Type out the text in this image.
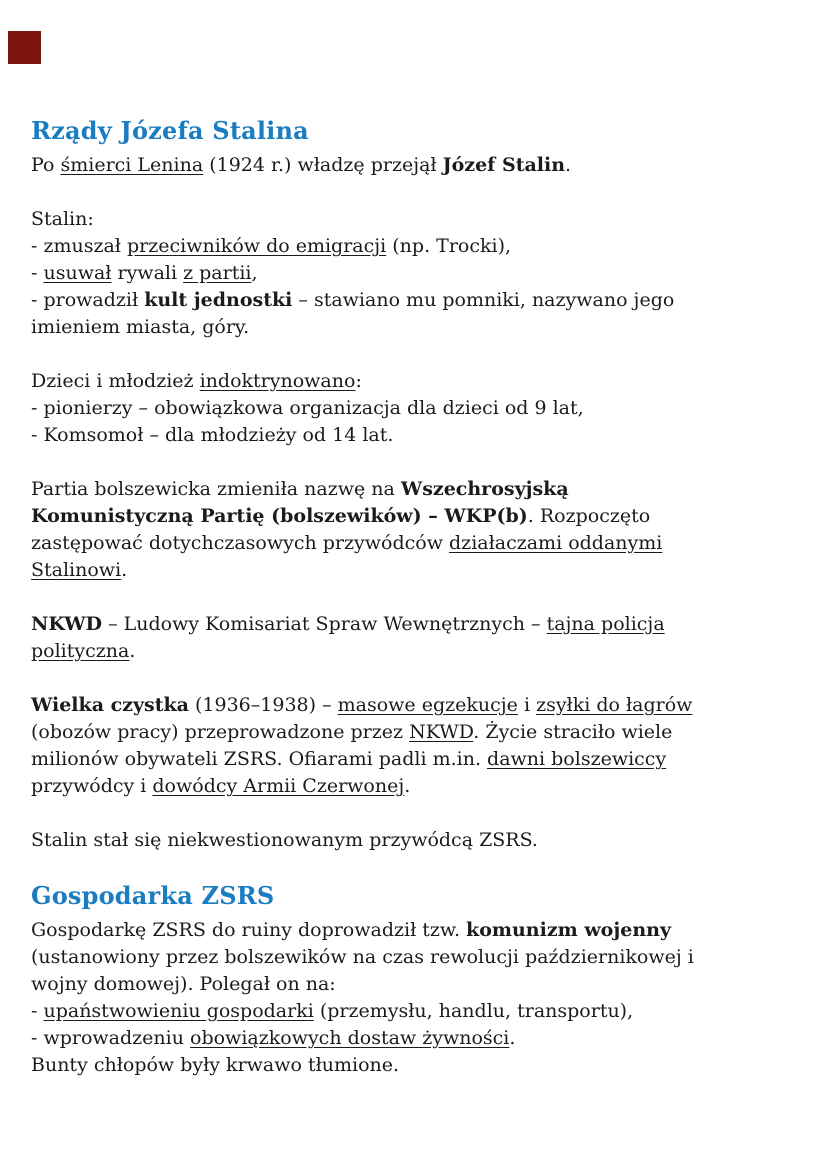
Rządy Józefa Stalina
Po śmierci Lenina (1924 r.) władzę przejął Józef Stalin.
Stalin:
- zmuszał przeciwników do emigracji (np. Trocki),
- usuwał rywali z partii,
- prowadził kult jednostki – stawiano mu pomniki, nazywano jego
imieniem miasta, góry.
Dzieci i młodzież indoktrynowano:
- pionierzy – obowiązkowa organizacja dla dzieci od 9 lat,
- Komsomoł – dla młodzieży od 14 lat.
Partia bolszewicka zmieniła nazwę na Wszechrosyjską
Komunistyczną Partię (bolszewików) – WKP(b). Rozpoczęto
zastępować dotychczasowych przywódców działaczami oddanymi
Stalinowi.
NKWD – Ludowy Komisariat Spraw Wewnętrznych – tajna policja
polityczna.
Wielka czystka (1936–1938) – masowe egzekucje i zsyłki do łagrów
(obozów pracy) przeprowadzone przez NKWD. Życie straciło wiele
milionów obywateli ZSRS. Ofiarami padli m.in. dawni bolszewiccy
przywódcy i dowódcy Armii Czerwonej.
Stalin stał się niekwestionowanym przywódcą ZSRS.
Gospodarka ZSRS
Gospodarkę ZSRS do ruiny doprowadził tzw. komunizm wojenny
(ustanowiony przez bolszewików na czas rewolucji październikowej i
wojny domowej). Polegał on na:
- upaństwowieniu gospodarki (przemysłu, handlu, transportu),
- wprowadzeniu obowiązkowych dostaw żywności.
Bunty chłopów były krwawo tłumione.
